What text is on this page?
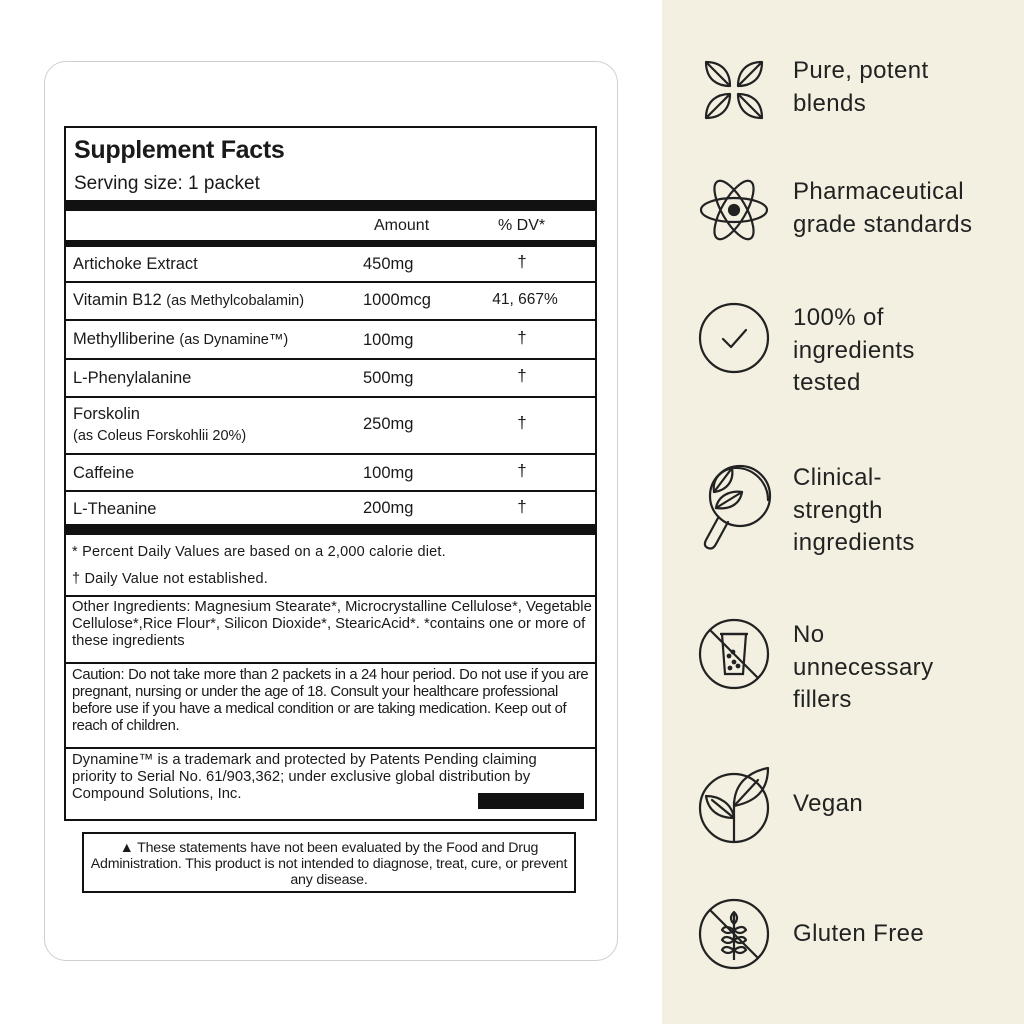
Supplement Facts
Serving size: 1 packet
Amount	% DV*
Artichoke Extract	450mg	†
Vitamin B12 (as Methylcobalamin)	1000mcg	41, 667%
Methylliberine (as Dynamine™)	100mg	†
L-Phenylalanine	500mg	†
Forskolin
(as Coleus Forskohlii 20%)
250mg	†
Caffeine	100mg	†
L-Theanine	200mg	†
* Percent Daily Values are based on a 2,000 calorie diet.
† Daily Value not established.
Other Ingredients: Magnesium Stearate*, Microcrystalline Cellulose*, Vegetable Cellulose*,Rice Flour*, Silicon Dioxide*, StearicAcid*. *contains one or more of these ingredients
Caution: Do not take more than 2 packets in a 24 hour period. Do not use if you are pregnant, nursing or under the age of 18. Consult your healthcare professional before use if you have a medical condition or are taking medication. Keep out of reach of children.
Dynamine™ is a trademark and protected by Patents Pending claiming priority to Serial No. 61/903,362; under exclusive global distribution by Compound Solutions, Inc.
▲ These statements have not been evaluated by the Food and Drug Administration. This product is not intended to diagnose, treat, cure, or prevent any disease.
Pure, potent
blends
Pharmaceutical
grade standards
100% of
ingredients
tested
Clinical-
strength
ingredients
No
unnecessary
fillers
Vegan
Gluten Free
